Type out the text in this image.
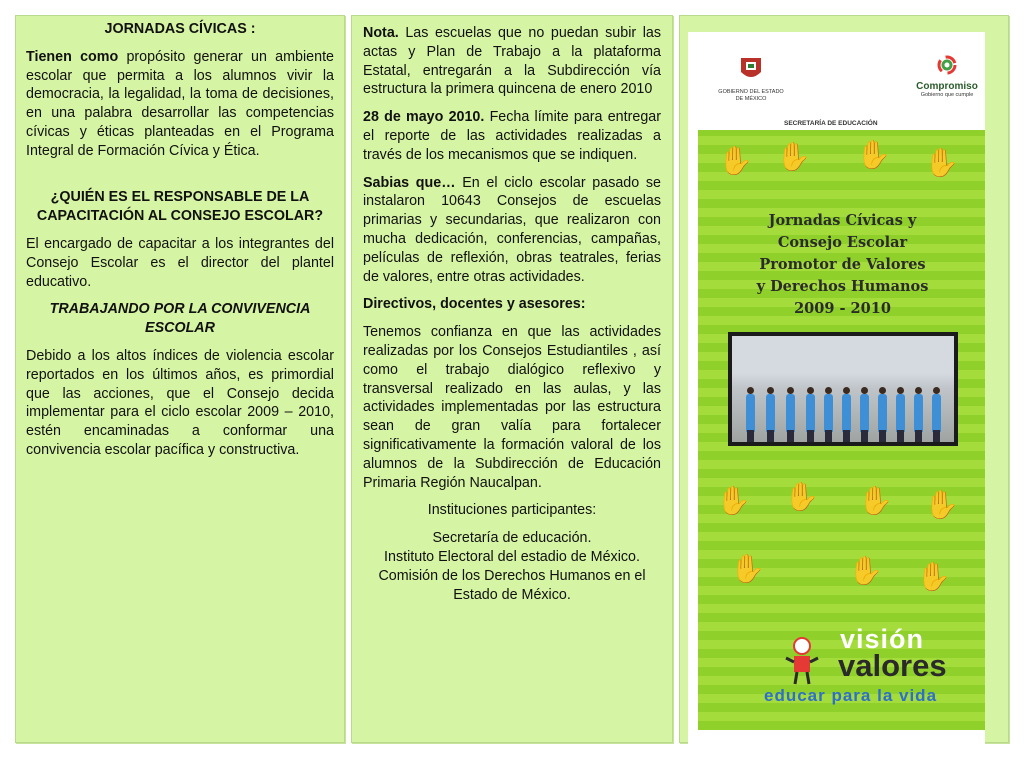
JORNADAS CÍVICAS :

Tienen como propósito generar un ambiente escolar que permita a los alumnos vivir la democracia, la legalidad, la toma de decisiones, en una palabra desarrollar las competencias cívicas y éticas planteadas en el Programa Integral de Formación Cívica y Ética.

¿QUIÉN ES EL RESPONSABLE DE LA CAPACITACIÓN AL CONSEJO ESCOLAR?

El encargado de capacitar a los integrantes del Consejo Escolar es el director del plantel educativo.

TRABAJANDO POR LA CONVIVENCIA ESCOLAR

Debido a los altos índices de violencia escolar reportados en los últimos años, es primordial que las acciones, que el Consejo decida implementar para el ciclo escolar 2009 – 2010, estén encaminadas a conformar una convivencia escolar pacífica y constructiva.

Nota. Las escuelas que no puedan subir las actas y Plan de Trabajo a la plataforma Estatal, entregarán a la Subdirección vía estructura la primera quincena de enero 2010

28 de mayo 2010. Fecha límite para entregar el reporte de las actividades realizadas a través de los mecanismos que se indiquen.

Sabias que… En el ciclo escolar pasado se instalaron 10643 Consejos de escuelas primarias y secundarias, que realizaron con mucha dedicación, conferencias, campañas, películas de reflexión, obras teatrales, ferias de valores, entre otras actividades.

Directivos, docentes y asesores:

Tenemos confianza en que las actividades realizadas por los Consejos Estudiantiles , así como el trabajo dialógico reflexivo y transversal realizado en las aulas, y las actividades implementadas por las estructura sean de gran valía para fortalecer significativamente la formación valoral de los alumnos de la Subdirección de Educación Primaria Región Naucalpan.

Instituciones participantes:

Secretaría de educación.

Instituto Electoral del estadio de México.

Comisión de los Derechos Humanos en el Estado de México.

GOBIERNO DEL ESTADO DE MÉXICO
Compromiso
Gobierno que cumple
SECRETARÍA DE EDUCACIÓN
✋ ✋ ✋ ✋
✋ ✋ ✋ ✋
✋	✋ ✋
Jornadas Cívicas y
Consejo Escolar
Promotor de Valores
y Derechos Humanos
2009 - 2010
visión
valores
educar para la vida
